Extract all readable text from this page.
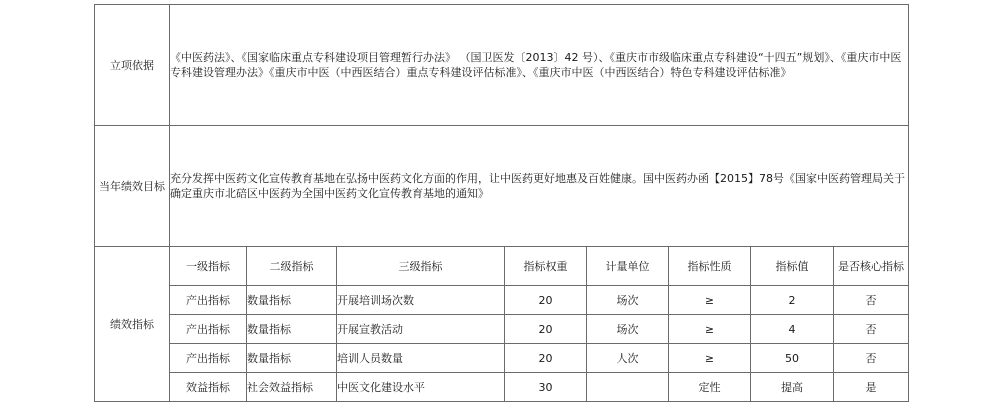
立项依据	《中医药法》、《国家临床重点专科建设项目管理暂行办法》 （国卫医发〔2013〕42 号）、《重庆市市级临床重点专科建设“十四五”规划》、《重庆市中医专科建设管理办法》《重庆市中医（中西医结合）重点专科建设评估标准》、《重庆市中医（中西医结合）特色专科建设评估标准》							

当年绩效目标	充分发挥中医药文化宣传教育基地在弘扬中医药文化方面的作用，让中医药更好地惠及百姓健康。国中医药办函【2015】78号《国家中医药管理局关于确定重庆市北碚区中医药为全国中医药文化宣传教育基地的通知》							

绩效指标	一级指标	二级指标	三级指标	指标权重	计量单位	指标性质	指标值	是否核心指标
	产出指标	数量指标	开展培训场次数	20	场次	≥	2	否
	产出指标	数量指标	开展宣教活动	20	场次	≥	4	否
	产出指标	数量指标	培训人员数量	20	人次	≥	50	否
	效益指标	社会效益指标	中医文化建设水平	30		定性	提高	是
